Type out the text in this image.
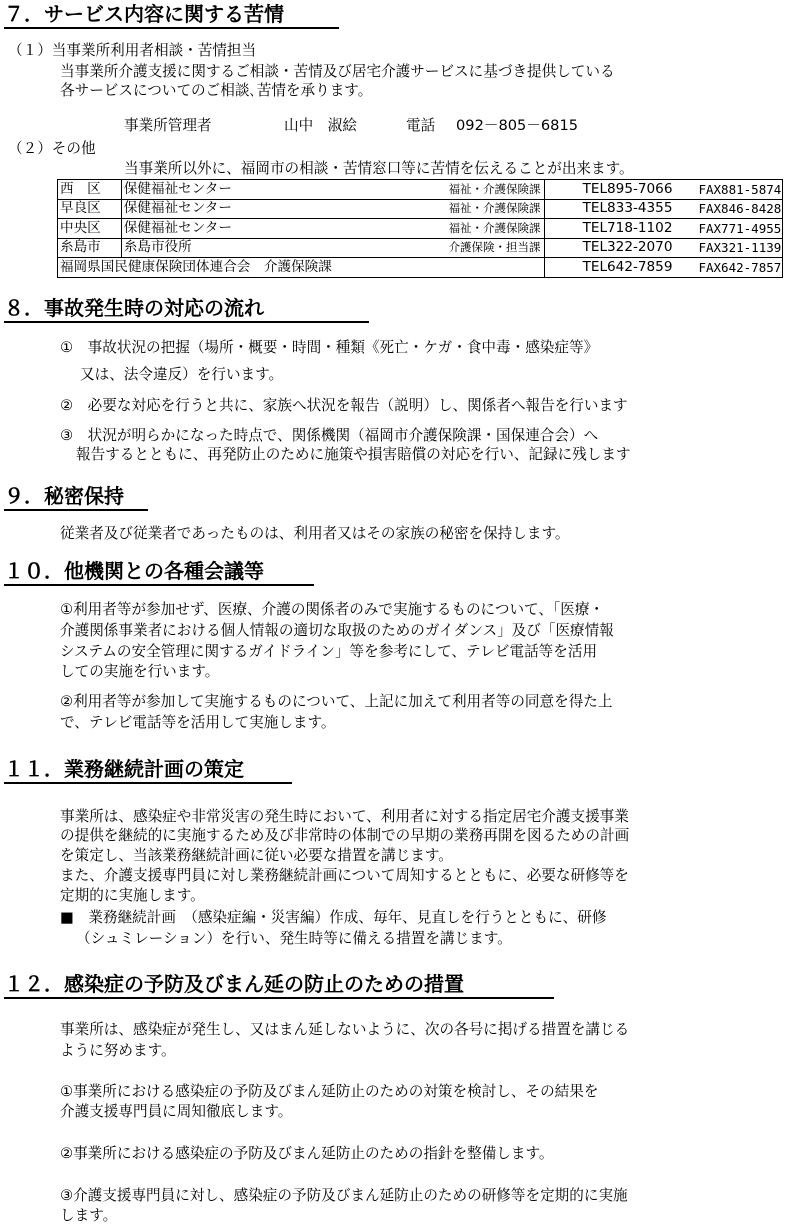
７．サービス内容に関する苦情
（１）当事業所利用者相談・苦情担当
当事業所介護支援に関するご相談・苦情及び居宅介護サービスに基づき提供している
各サービスについてのご相談､苦情を承ります。
事業所管理者	山中　淑絵	電話 092－805－6815
（２）その他
当事業所以外に、福岡市の相談・苦情窓口等に苦情を伝えることが出来ます。
西　区	保健福祉センター	福祉・介護保険課	TEL895-7066	FAX881-5874
早良区	保健福祉センター	福祉・介護保険課	TEL833-4355	FAX846-8428
中央区	保健福祉センター	福祉・介護保険課	TEL718-1102	FAX771-4955
糸島市	糸島市役所	介護保険・担当課	TEL322-2070	FAX321-1139
福岡県国民健康保険団体連合会　介護保険課			TEL642-7859	FAX642-7857
８．事故発生時の対応の流れ
①　事故状況の把握（場所・概要・時間・種類《死亡・ケガ・食中毒・感染症等》
又は、法令違反）を行います。
②　必要な対応を行うと共に、家族へ状況を報告（説明）し、関係者へ報告を行います
③　状況が明らかになった時点で、関係機関（福岡市介護保険課・国保連合会）へ
報告するとともに、再発防止のために施策や損害賠償の対応を行い、記録に残します
９．秘密保持
従業者及び従業者であったものは、利用者又はその家族の秘密を保持します。
１０．他機関との各種会議等
①利用者等が参加せず、医療、介護の関係者のみで実施するものについて、「医療・
介護関係事業者における個人情報の適切な取扱のためのガイダンス」及び「医療情報
システムの安全管理に関するガイドライン」等を参考にして、テレビ電話等を活用
しての実施を行います。
②利用者等が参加して実施するものについて、上記に加えて利用者等の同意を得た上
で、テレビ電話等を活用して実施します。
１１．業務継続計画の策定
事業所は、感染症や非常災害の発生時において、利用者に対する指定居宅介護支援事業
の提供を継続的に実施するため及び非常時の体制での早期の業務再開を図るための計画
を策定し、当該業務継続計画に従い必要な措置を講じます。
また、介護支援専門員に対し業務継続計画について周知するとともに、必要な研修等を
定期的に実施します。
■　業務継続計画　（感染症編・災害編）作成、毎年、見直しを行うとともに、研修
（シュミレーション）を行い、発生時等に備える措置を講じます。
１２．感染症の予防及びまん延の防止のための措置
事業所は、感染症が発生し、又はまん延しないように、次の各号に掲げる措置を講じる
ように努めます。
①事業所における感染症の予防及びまん延防止のための対策を検討し、その結果を
介護支援専門員に周知徹底します。
②事業所における感染症の予防及びまん延防止のための指針を整備します。
③介護支援専門員に対し、感染症の予防及びまん延防止のための研修等を定期的に実施
します。
